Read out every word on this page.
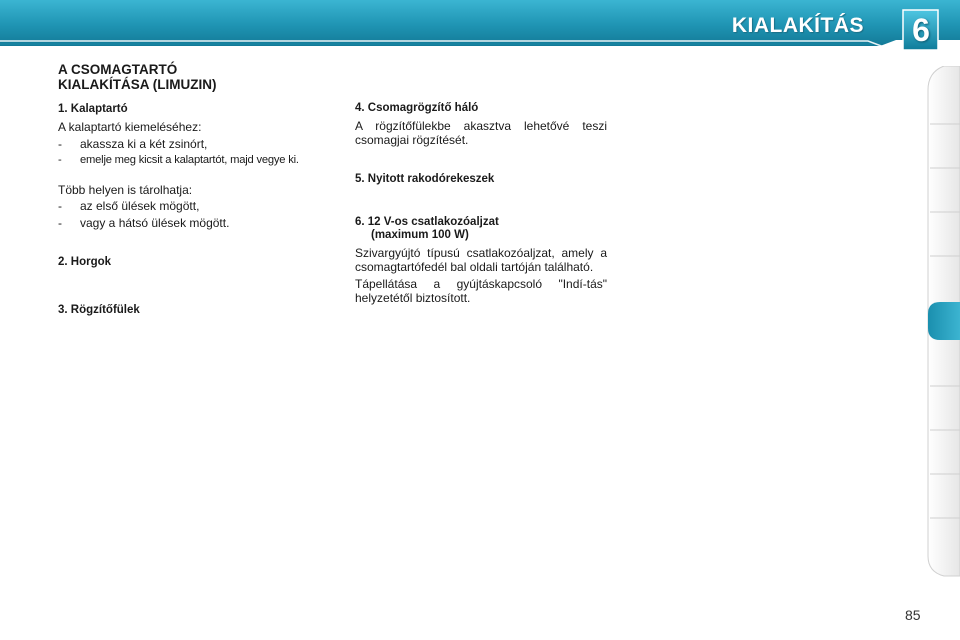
KIALAKÍTÁS 6
A CSOMAGTARTÓ
KIALAKÍTÁSA (LIMUZIN)
1. Kalaptartó

A kalaptartó kiemeléséhez:

- akassza ki a két zsinórt,
- emelje meg kicsit a kalaptartót, majd vegye ki.

Több helyen is tárolhatja:

- az első ülések mögött,
- vagy a hátsó ülések mögött.
2. Horgok
3. Rögzítőfülek
4. Csomagrögzítő háló

A rögzítőfülekbe akasztva lehetővé teszi csomagjai rögzítését.

5. Nyitott rakodórekeszek
6. 12 V-os csatlakozóaljzat
(maximum 100 W)

Szivargyújtó típusú csatlakozóaljzat, amely a csomagtartófedél bal oldali tartóján található.

Tápellátása a gyújtáskapcsoló "Indí-tás" helyzetétől biztosított.

85
